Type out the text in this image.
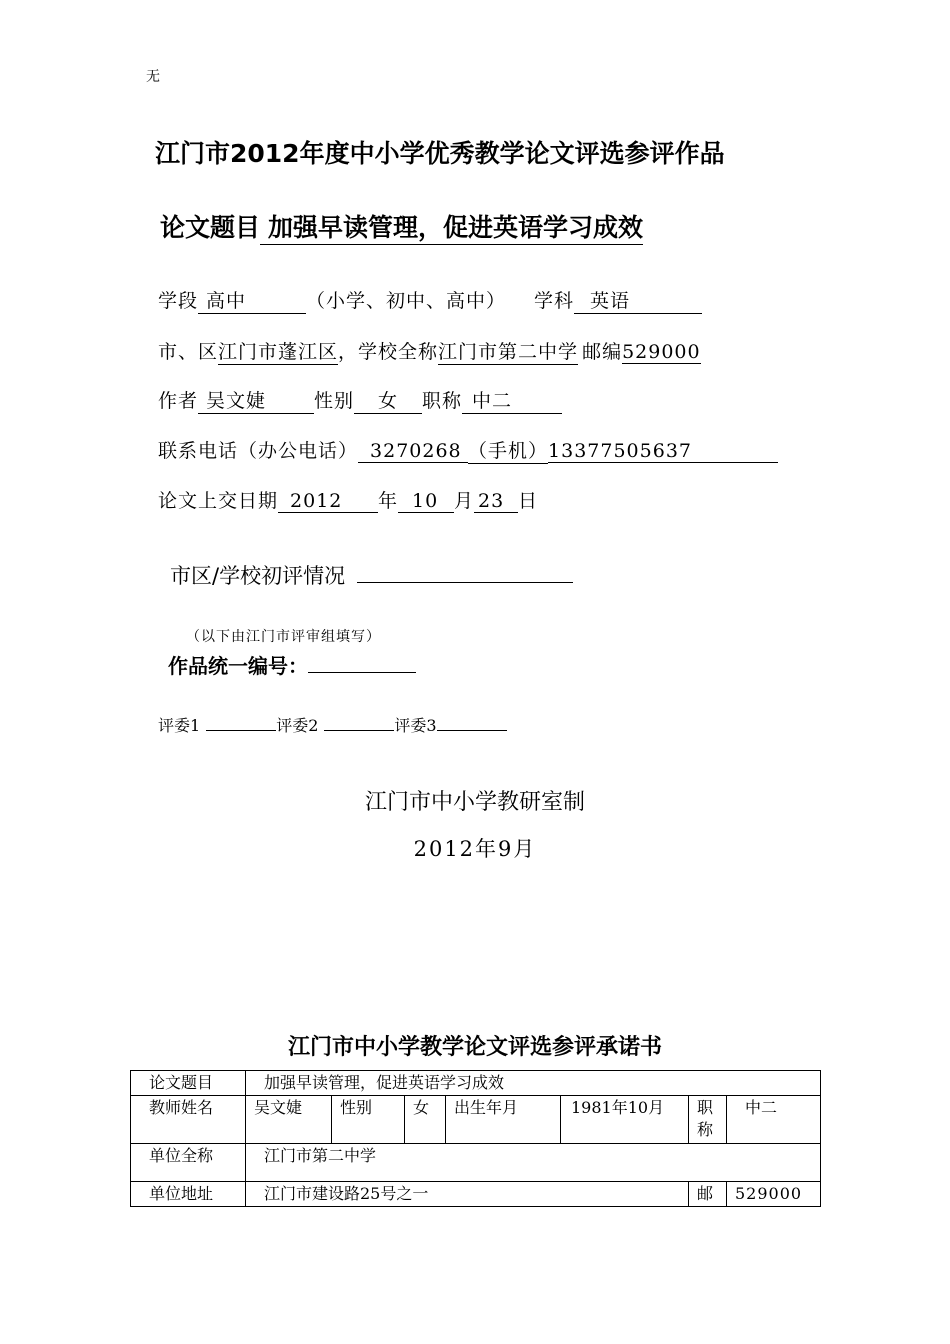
无
江门市2012年度中小学优秀教学论文评选参评作品
论文题目 加强早读管理，促进英语学习成效
学段 高中	（小学、初中、高中） 学科 英语
市、区江门市蓬江区，学校全称江门市第二中学 邮编529000
作者 吴文婕	性别 女 职称 中二
联系电话（办公电话） 3270268 （手机）13377505637
论文上交日期 2012 年 10 月 23 日
市区/学校初评情况
（以下由江门市评审组填写）
作品统一编号：
评委1	评委2	评委3
江门市中小学教研室制
2012年9月
江门市中小学教学论文评选参评承诺书
论文题目	加强早读管理，促进英语学习成效						
教师姓名	吴文婕	性别	女	出生年月	1981年10月	职称	中二
单位全称	江门市第二中学						
单位地址	江门市建设路25号之一					邮	529000
